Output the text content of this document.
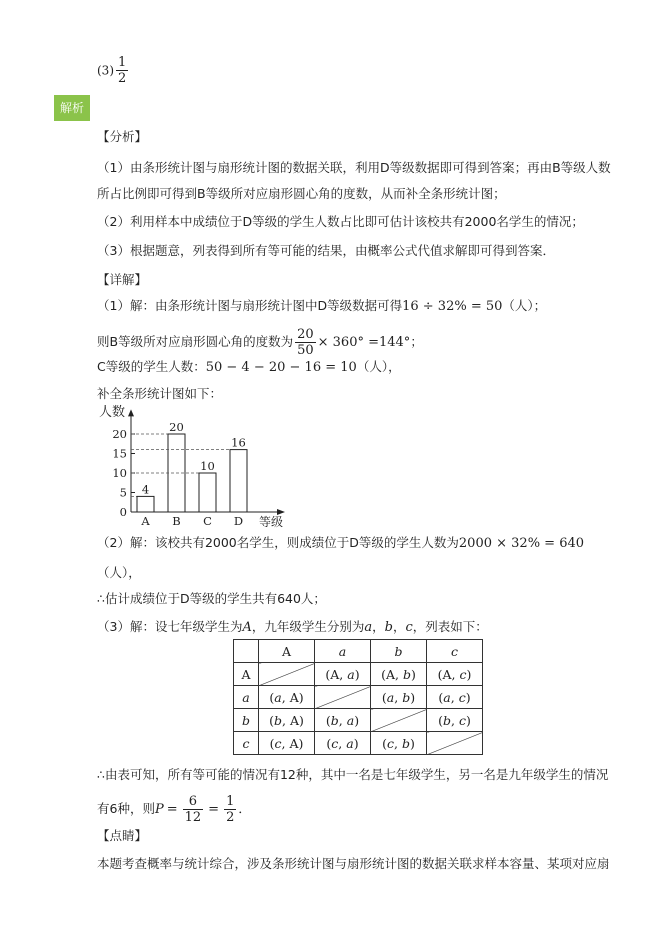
$(3) \frac{1}{2}$
解析
【分析】
（1）由条形统计图与扇形统计图的数据关联，利用D等级数据即可得到答案；再由B等级人数
所占比例即可得到B等级所对应扇形圆心角的度数，从而补全条形统计图；
（2）利用样本中成绩位于D等级的学生人数占比即可估计该校共有2000名学生的情况；
（3）根据题意，列表得到所有等可能的结果，由概率公式代值求解即可得到答案．
【详解】
（1）解：由条形统计图与扇形统计图中D等级数据可得16 ÷ 32% = 50（人）；
则B等级所对应扇形圆心角的度数为 $\frac{20}{50} \times 360^\circ =144^\circ$；
C等级的学生人数：50 − 4 − 20 − 16 = 10（人），
补全条形统计图如下：
人数
等级
0
5
10
15
20
4
A
20
B
10
C
16
D
（2）解：该校共有2000名学生，则成绩位于D等级的学生人数为2000 × 32% = 640
（人），
∴估计成绩位于D等级的学生共有640人；
（3）解：设七年级学生为A，九年级学生分别为a，b，c，列表如下：
	A	a	b	c
A		(A, a)	(A, b)	(A, c)
a	(a, A)		(a, b)	(a, c)
b	(b, A)	(b, a)		(b, c)
c	(c, A)	(c, a)	(c, b)	
∴由表可知，所有等可能的情况有12种，其中一名是七年级学生，另一名是九年级学生的情况
有6种，则$P = \frac{6}{12} = \frac{1}{2}$ ．
【点睛】
本题考查概率与统计综合，涉及条形统计图与扇形统计图的数据关联求样本容量、某项对应扇
